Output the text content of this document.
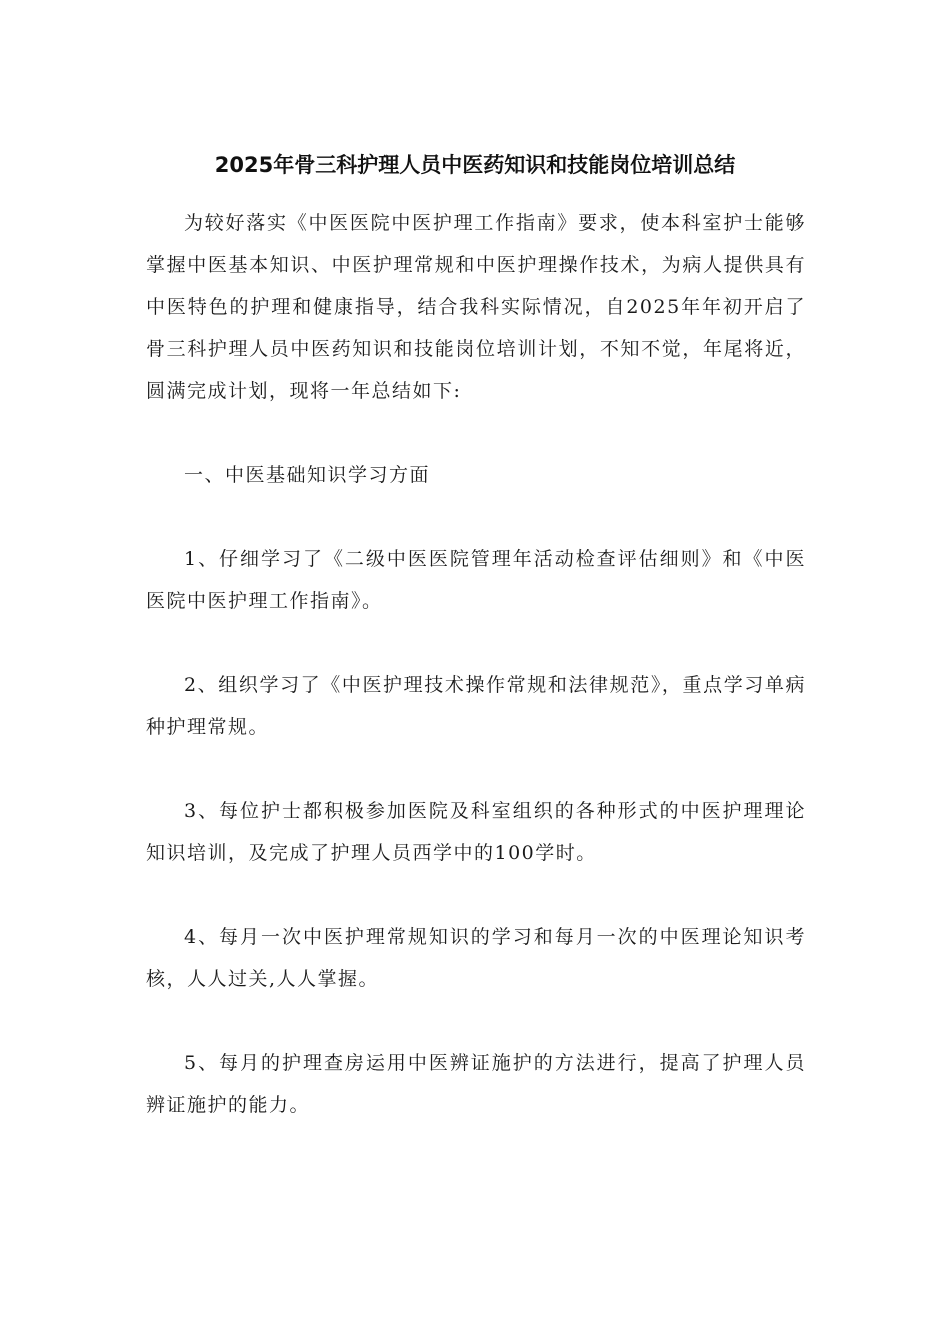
2025年骨三科护理人员中医药知识和技能岗位培训总结

为较好落实《中医医院中医护理工作指南》要求，使本科室护士能够掌握中医基本知识、中医护理常规和中医护理操作技术，为病人提供具有中医特色的护理和健康指导，结合我科实际情况，自2025年年初开启了骨三科护理人员中医药知识和技能岗位培训计划，不知不觉，年尾将近，圆满完成计划，现将一年总结如下:

一、中医基础知识学习方面

1、仔细学习了《二级中医医院管理年活动检查评估细则》和《中医医院中医护理工作指南》。

2、组织学习了《中医护理技术操作常规和法律规范》，重点学习单病种护理常规。

3、每位护士都积极参加医院及科室组织的各种形式的中医护理理论知识培训，及完成了护理人员西学中的100学时。

4、每月一次中医护理常规知识的学习和每月一次的中医理论知识考核，人人过关,人人掌握。

5、每月的护理查房运用中医辨证施护的方法进行，提高了护理人员辨证施护的能力。
